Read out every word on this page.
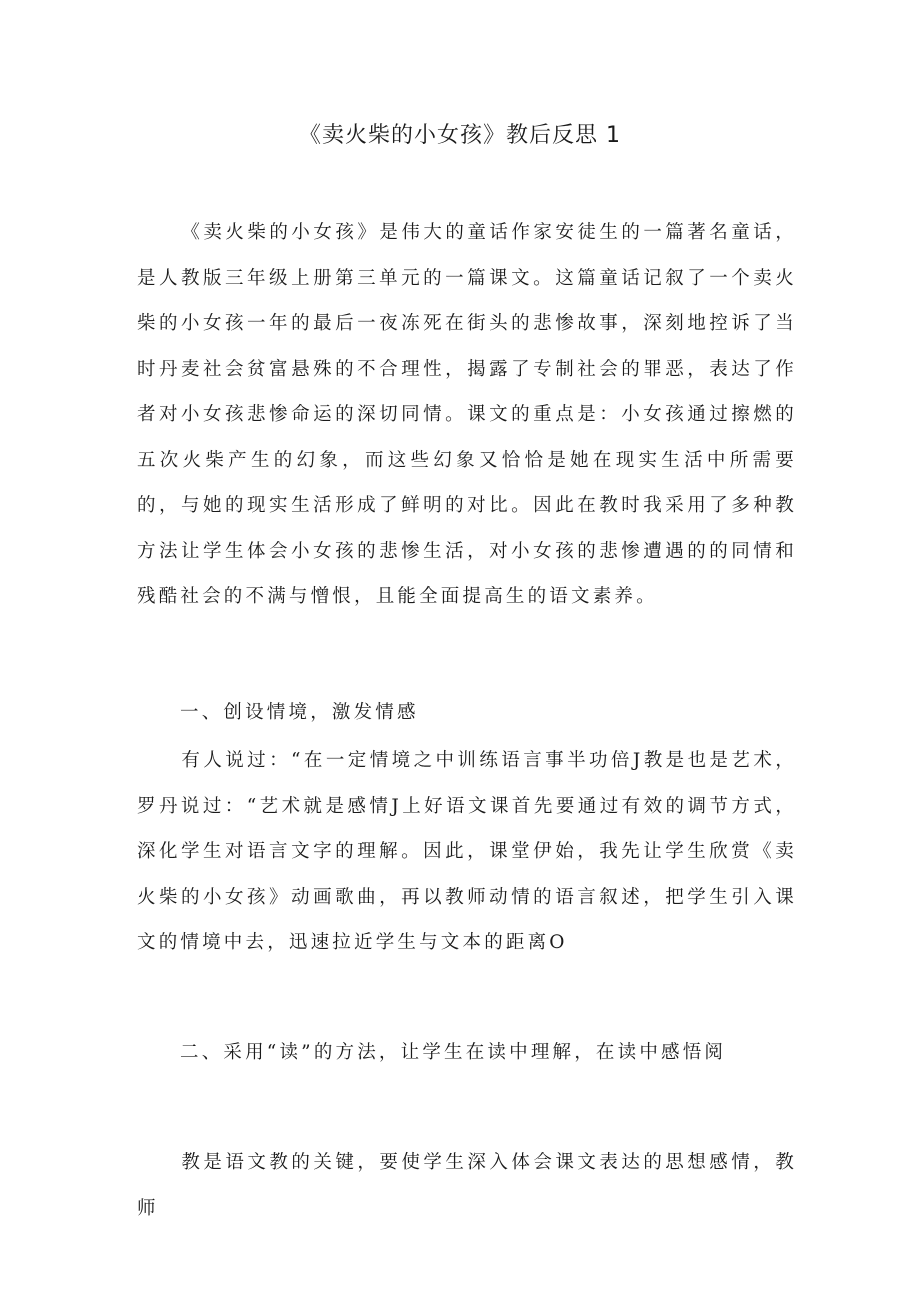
《卖火柴的小女孩》教后反思 1

《卖火柴的小女孩》是伟大的童话作家安徒生的一篇著名童话，是人教版三年级上册第三单元的一篇课文。这篇童话记叙了一个卖火柴的小女孩一年的最后一夜冻死在街头的悲惨故事，深刻地控诉了当时丹麦社会贫富悬殊的不合理性，揭露了专制社会的罪恶，表达了作者对小女孩悲惨命运的深切同情。课文的重点是：小女孩通过擦燃的五次火柴产生的幻象，而这些幻象又恰恰是她在现实生活中所需要的，与她的现实生活形成了鲜明的对比。因此在教时我采用了多种教方法让学生体会小女孩的悲惨生活，对小女孩的悲惨遭遇的的同情和残酷社会的不满与憎恨，且能全面提高生的语文素养。

一、创设情境，激发情感

有人说过：“在一定情境之中训练语言事半功倍J教是也是艺术，罗丹说过：“艺术就是感情J上好语文课首先要通过有效的调节方式，深化学生对语言文字的理解。因此，课堂伊始，我先让学生欣赏《卖火柴的小女孩》动画歌曲，再以教师动情的语言叙述，把学生引入课文的情境中去，迅速拉近学生与文本的距离O

二、采用“读”的方法，让学生在读中理解，在读中感悟阅

教是语文教的关键，要使学生深入体会课文表达的思想感情，教师
